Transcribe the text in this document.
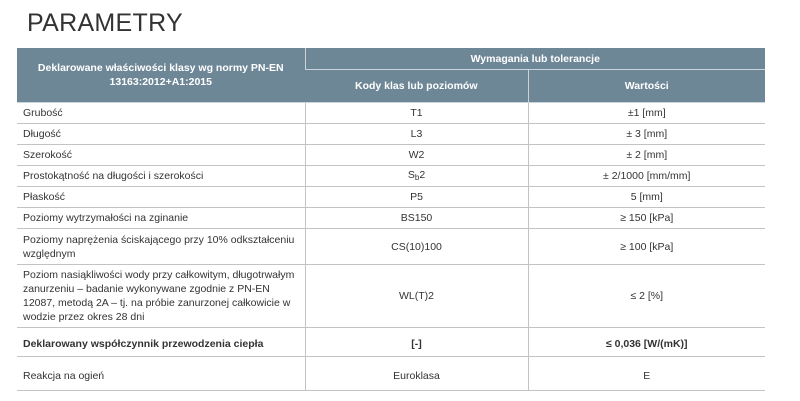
PARAMETRY
Deklarowane właściwości klasy wg normy PN-EN 13163:2012+A1:2015	Wymagania lub tolerancje	
	Kody klas lub poziomów	Wartości
Grubość	T1	±1 [mm]
Długość	L3	± 3 [mm]
Szerokość	W2	± 2 [mm]
Prostokątność na długości i szerokości	$S_b2$	± 2/1000 [mm/mm]
Płaskość	P5	5 [mm]
Poziomy wytrzymałości na zginanie	BS150	≥ 150 [kPa]
Poziomy naprężenia ściskającego przy 10% odkształceniu względnym	CS(10)100	≥ 100 [kPa]
Poziom nasiąkliwości wody przy całkowitym, długotrwałym zanurzeniu – badanie wykonywane zgodnie z PN-EN 12087, metodą 2A – tj. na próbie zanurzonej całkowicie w wodzie przez okres 28 dni	WL(T)2	≤ 2 [%]

Deklarowany współczynnik przewodzenia ciepła	[-]	≤ 0,036 [W/(mK)]

Reakcja na ogień	Euroklasa	E
